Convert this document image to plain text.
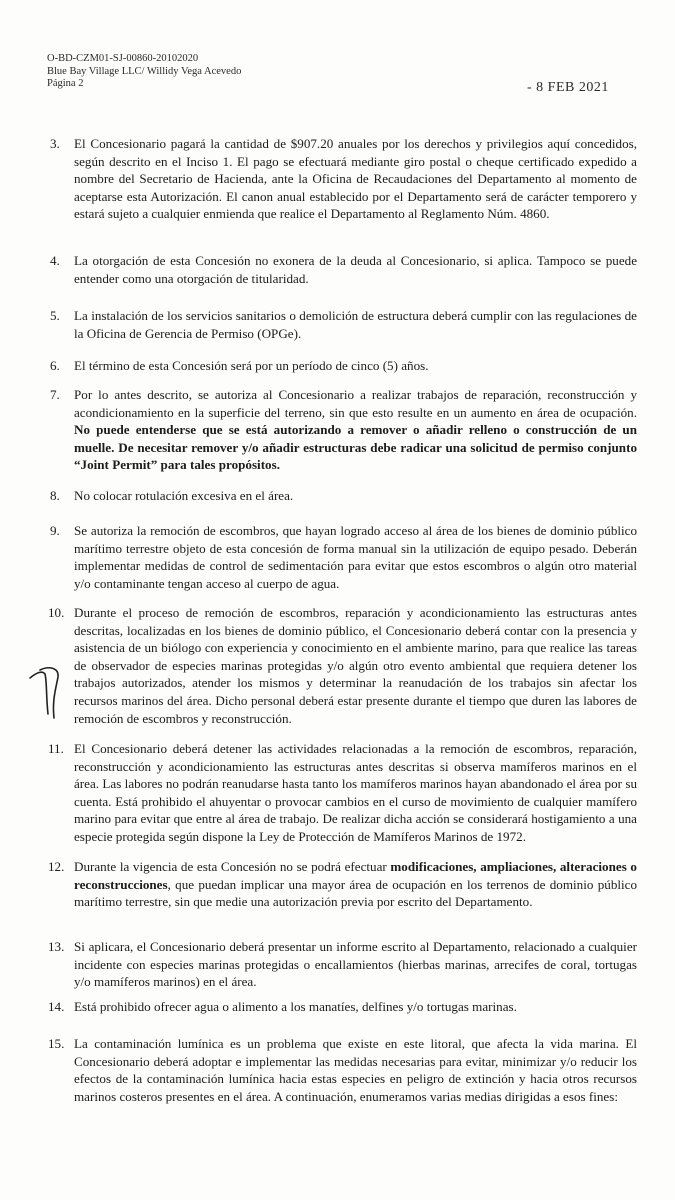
O-BD-CZM01-SJ-00860-20102020
Blue Bay Village LLC/ Willidy Vega Acevedo
Página 2	- 8 FEB 2021
3.	El Concesionario pagará la cantidad de $907.20 anuales por los derechos y privilegios aquí concedidos, según descrito en el Inciso 1. El pago se efectuará mediante giro postal o cheque certificado expedido a nombre del Secretario de Hacienda, ante la Oficina de Recaudaciones del Departamento al momento de aceptarse esta Autorización. El canon anual establecido por el Departamento será de carácter temporero y estará sujeto a cualquier enmienda que realice el Departamento al Reglamento Núm. 4860.
4.	La otorgación de esta Concesión no exonera de la deuda al Concesionario, si aplica. Tampoco se puede entender como una otorgación de titularidad.
5.	La instalación de los servicios sanitarios o demolición de estructura deberá cumplir con las regulaciones de la Oficina de Gerencia de Permiso (OPGe).
6.	El término de esta Concesión será por un período de cinco (5) años.
7.	Por lo antes descrito, se autoriza al Concesionario a realizar trabajos de reparación, reconstrucción y acondicionamiento en la superficie del terreno, sin que esto resulte en un aumento en área de ocupación. No puede entenderse que se está autorizando a remover o añadir relleno o construcción de un muelle. De necesitar remover y/o añadir estructuras debe radicar una solicitud de permiso conjunto “Joint Permit” para tales propósitos.
8.	No colocar rotulación excesiva en el área.
9.	Se autoriza la remoción de escombros, que hayan logrado acceso al área de los bienes de dominio público marítimo terrestre objeto de esta concesión de forma manual sin la utilización de equipo pesado. Deberán implementar medidas de control de sedimentación para evitar que estos escombros o algún otro material y/o contaminante tengan acceso al cuerpo de agua.
10. Durante el proceso de remoción de escombros, reparación y acondicionamiento las estructuras antes descritas, localizadas en los bienes de dominio público, el Concesionario deberá contar con la presencia y asistencia de un biólogo con experiencia y conocimiento en el ambiente marino, para que realice las tareas de observador de especies marinas protegidas y/o algún otro evento ambiental que requiera detener los trabajos autorizados, atender los mismos y determinar la reanudación de los trabajos sin afectar los recursos marinos del área. Dicho personal deberá estar presente durante el tiempo que duren las labores de remoción de escombros y reconstrucción.
11. El Concesionario deberá detener las actividades relacionadas a la remoción de escombros, reparación, reconstrucción y acondicionamiento las estructuras antes descritas si observa mamíferos marinos en el área. Las labores no podrán reanudarse hasta tanto los mamíferos marinos hayan abandonado el área por su cuenta. Está prohibido el ahuyentar o provocar cambios en el curso de movimiento de cualquier mamífero marino para evitar que entre al área de trabajo. De realizar dicha acción se considerará hostigamiento a una especie protegida según dispone la Ley de Protección de Mamíferos Marinos de 1972.
12. Durante la vigencia de esta Concesión no se podrá efectuar modificaciones, ampliaciones, alteraciones o reconstrucciones, que puedan implicar una mayor área de ocupación en los terrenos de dominio público marítimo terrestre, sin que medie una autorización previa por escrito del Departamento.
13. Si aplicara, el Concesionario deberá presentar un informe escrito al Departamento, relacionado a cualquier incidente con especies marinas protegidas o encallamientos (hierbas marinas, arrecifes de coral, tortugas y/o mamíferos marinos) en el área.
14. Está prohibido ofrecer agua o alimento a los manatíes, delfines y/o tortugas marinas.
15. La contaminación lumínica es un problema que existe en este litoral, que afecta la vida marina. El Concesionario deberá adoptar e implementar las medidas necesarias para evitar, minimizar y/o reducir los efectos de la contaminación lumínica hacia estas especies en peligro de extinción y hacia otros recursos marinos costeros presentes en el área. A continuación, enumeramos varias medias dirigidas a esos fines:
